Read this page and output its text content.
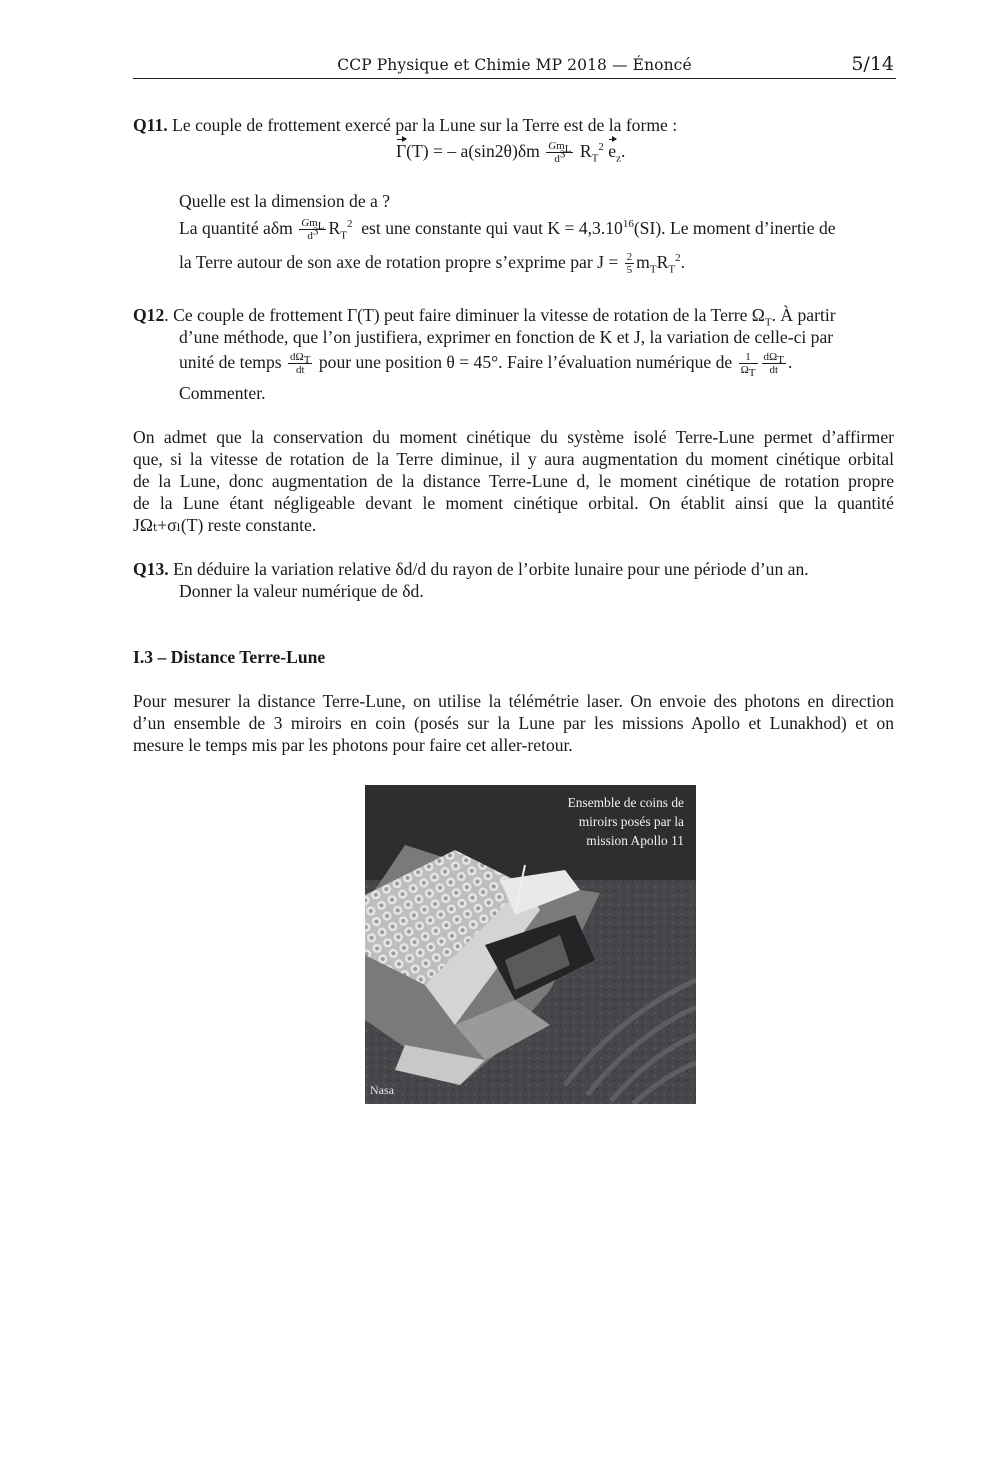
CCP Physique et Chimie MP 2018 — Énoncé	5/14
Q11. Le couple de frottement exercé par la Lune sur la Terre est de la forme :
Γ(T) = – $a(\sin 2\theta)\delta m \frac{Gm_L}{d^3} R_T^2$ $e_z$.
Quelle est la dimension de a ?
La quantité aδm $\frac{Gm_L}{d^3} R_T^2$ est une constante qui vaut $K = 4,3.10^{16}(SI)$. Le moment d’inertie de
la Terre autour de son axe de rotation propre s’exprime par $J = \frac{2}{5} m_TR_T^2$.
Q12. Ce couple de frottement Γ(T) peut faire diminuer la vitesse de rotation de la Terre $\Omega_T$. À partir
d’une méthode, que l’on justifiera, exprimer en fonction de K et J, la variation de celle-ci par
unité de temps $\frac{d\Omega_T}{dt}$ pour une position θ = 45°. Faire l’évaluation numérique de $\frac{1}{\Omega_T} \frac{d\Omega_T}{dt}$ .
Commenter.
On admet que la conservation du moment cinétique du système isolé Terre-Lune permet d’affirmer
que, si la vitesse de rotation de la Terre diminue, il y aura augmentation du moment cinétique orbital
de la Lune, donc augmentation de la distance Terre-Lune d, le moment cinétique de rotation propre
de la Lune étant négligeable devant le moment cinétique orbital. On établit ainsi que la quantité
JΩₜ+σₗ(T) reste constante.
Q13. En déduire la variation relative δd/d du rayon de l’orbite lunaire pour une période d’un an.
Donner la valeur numérique de δd.
I.3 – Distance Terre-Lune
Pour mesurer la distance Terre-Lune, on utilise la télémétrie laser. On envoie des photons en direction
d’un ensemble de 3 miroirs en coin (posés sur la Lune par les missions Apollo et Lunakhod) et on
mesure le temps mis par les photons pour faire cet aller-retour.
Ensemble de coins de
miroirs posés par la
mission Apollo 11
Nasa
